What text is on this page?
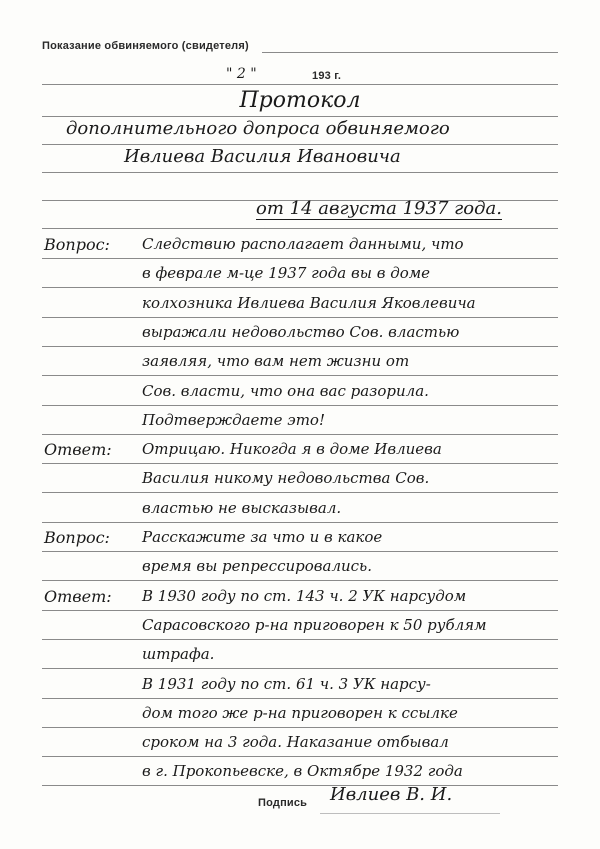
Показание обвиняемого (свидетеля)
" 2 "	193 г.
Протокол
дополнительного допроса обвиняемого
Ивлиева Василия Ивановича
от 14 августа 1937 года.
Вопрос: Следствию располагает данными, что
в феврале м-це 1937 года вы в доме
колхозника Ивлиева Василия Яковлевича
выражали недовольство Сов. властью
заявляя, что вам нет жизни от
Сов. власти, что она вас разорила.
Подтверждаете это!
Ответ: Отрицаю. Никогда я в доме Ивлиева
Василия никому недовольства Сов.
властью не высказывал.
Вопрос: Расскажите за что и в какое
время вы репрессировались.
Ответ: В 1930 году по ст. 143 ч. 2 УК нарсудом
Сарасовского р-на приговорен к 50 рублям
штрафа.
В 1931 году по ст. 61 ч. 3 УК нарсу-
дом того же р-на приговорен к ссылке
сроком на 3 года. Наказание отбывал
в г. Прокопьевске, в Октябре 1932 года
Подпись Ивлиев В. И.
